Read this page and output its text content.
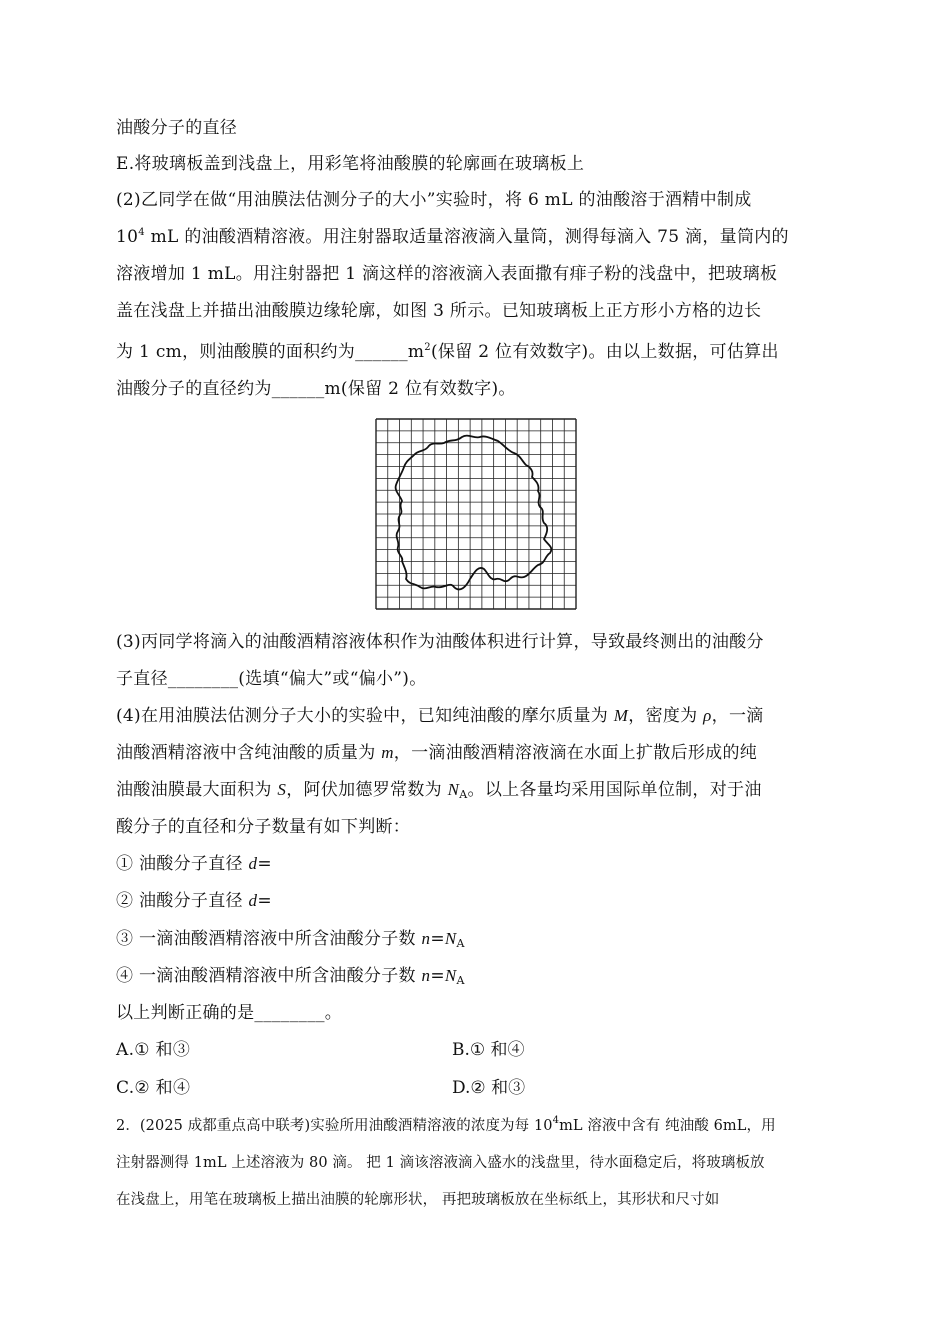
油酸分子的直径
E.将玻璃板盖到浅盘上，用彩笔将油酸膜的轮廓画在玻璃板上
(2)乙同学在做“用油膜法估测分子的大小”实验时，将 6 mL 的油酸溶于酒精中制成
$10^4$ mL 的油酸酒精溶液。用注射器取适量溶液滴入量筒，测得每滴入 75 滴，量筒内的
溶液增加 1 mL。用注射器把 1 滴这样的溶液滴入表面撒有痱子粉的浅盘中，把玻璃板
盖在浅盘上并描出油酸膜边缘轮廓，如图 3 所示。已知玻璃板上正方形小方格的边长
为 1 cm，则油酸膜的面积约为$\_\_\_\_\_\_m^2$(保留 2 位有效数字)。由以上数据，可估算出
油酸分子的直径约为______m(保留 2 位有效数字)。
(3)丙同学将滴入的油酸酒精溶液体积作为油酸体积进行计算，导致最终测出的油酸分
子直径________(选填“偏大”或“偏小”)。
(4)在用油膜法估测分子大小的实验中，已知纯油酸的摩尔质量为 M，密度为 ρ，一滴
油酸酒精溶液中含纯油酸的质量为 m，一滴油酸酒精溶液滴在水面上扩散后形成的纯
油酸油膜最大面积为 S，阿伏加德罗常数为 $N_A$。以上各量均采用国际单位制，对于油
酸分子的直径和分子数量有如下判断：
① 油酸分子直径 d=
② 油酸分子直径 d=
③ 一滴油酸酒精溶液中所含油酸分子数 $n=N_A$
④ 一滴油酸酒精溶液中所含油酸分子数 $n=N_A$
以上判断正确的是________。
A.① 和③	B.① 和④
C.② 和④	D.② 和③
2．(2025 成都重点高中联考)实验所用油酸酒精溶液的浓度为每 $10^4mL$ 溶液中含有 纯油酸 6mL，用
注射器测得 1mL 上述溶液为 80 滴。 把 1 滴该溶液滴入盛水的浅盘里，待水面稳定后，将玻璃板放
在浅盘上，用笔在玻璃板上描出油膜的轮廓形状， 再把玻璃板放在坐标纸上，其形状和尺寸如
